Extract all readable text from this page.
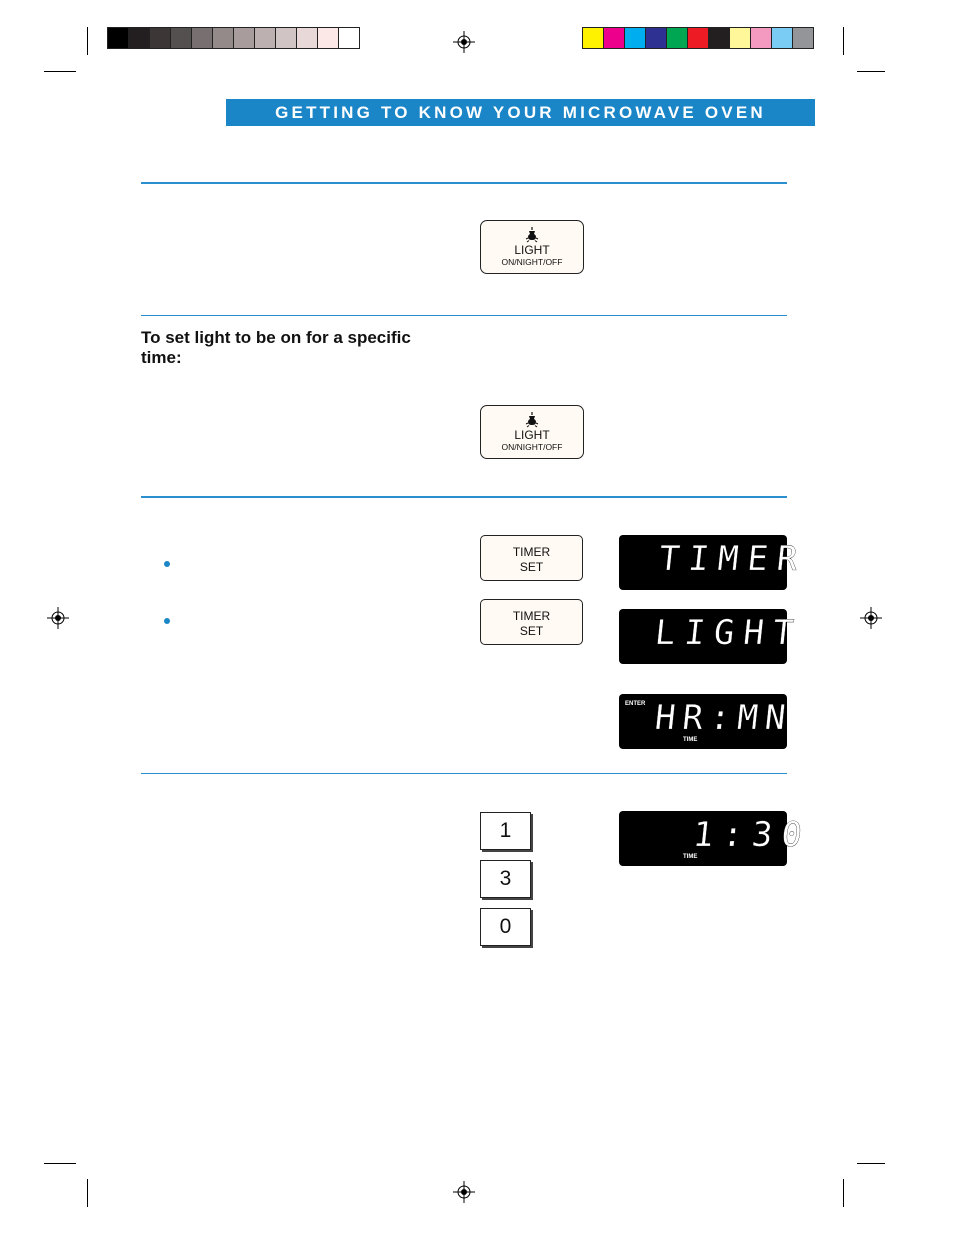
GETTING TO KNOW YOUR MICROWAVE OVEN
LIGHT
ON/NIGHT/OFF
To set light to be on for a specific time:
LIGHT
ON/NIGHT/OFF
TIMER
SET
TIMER
SET
TIMER
LIGHT
ENTER HR:MN
TIME
1:30
TIME
1
3
0
